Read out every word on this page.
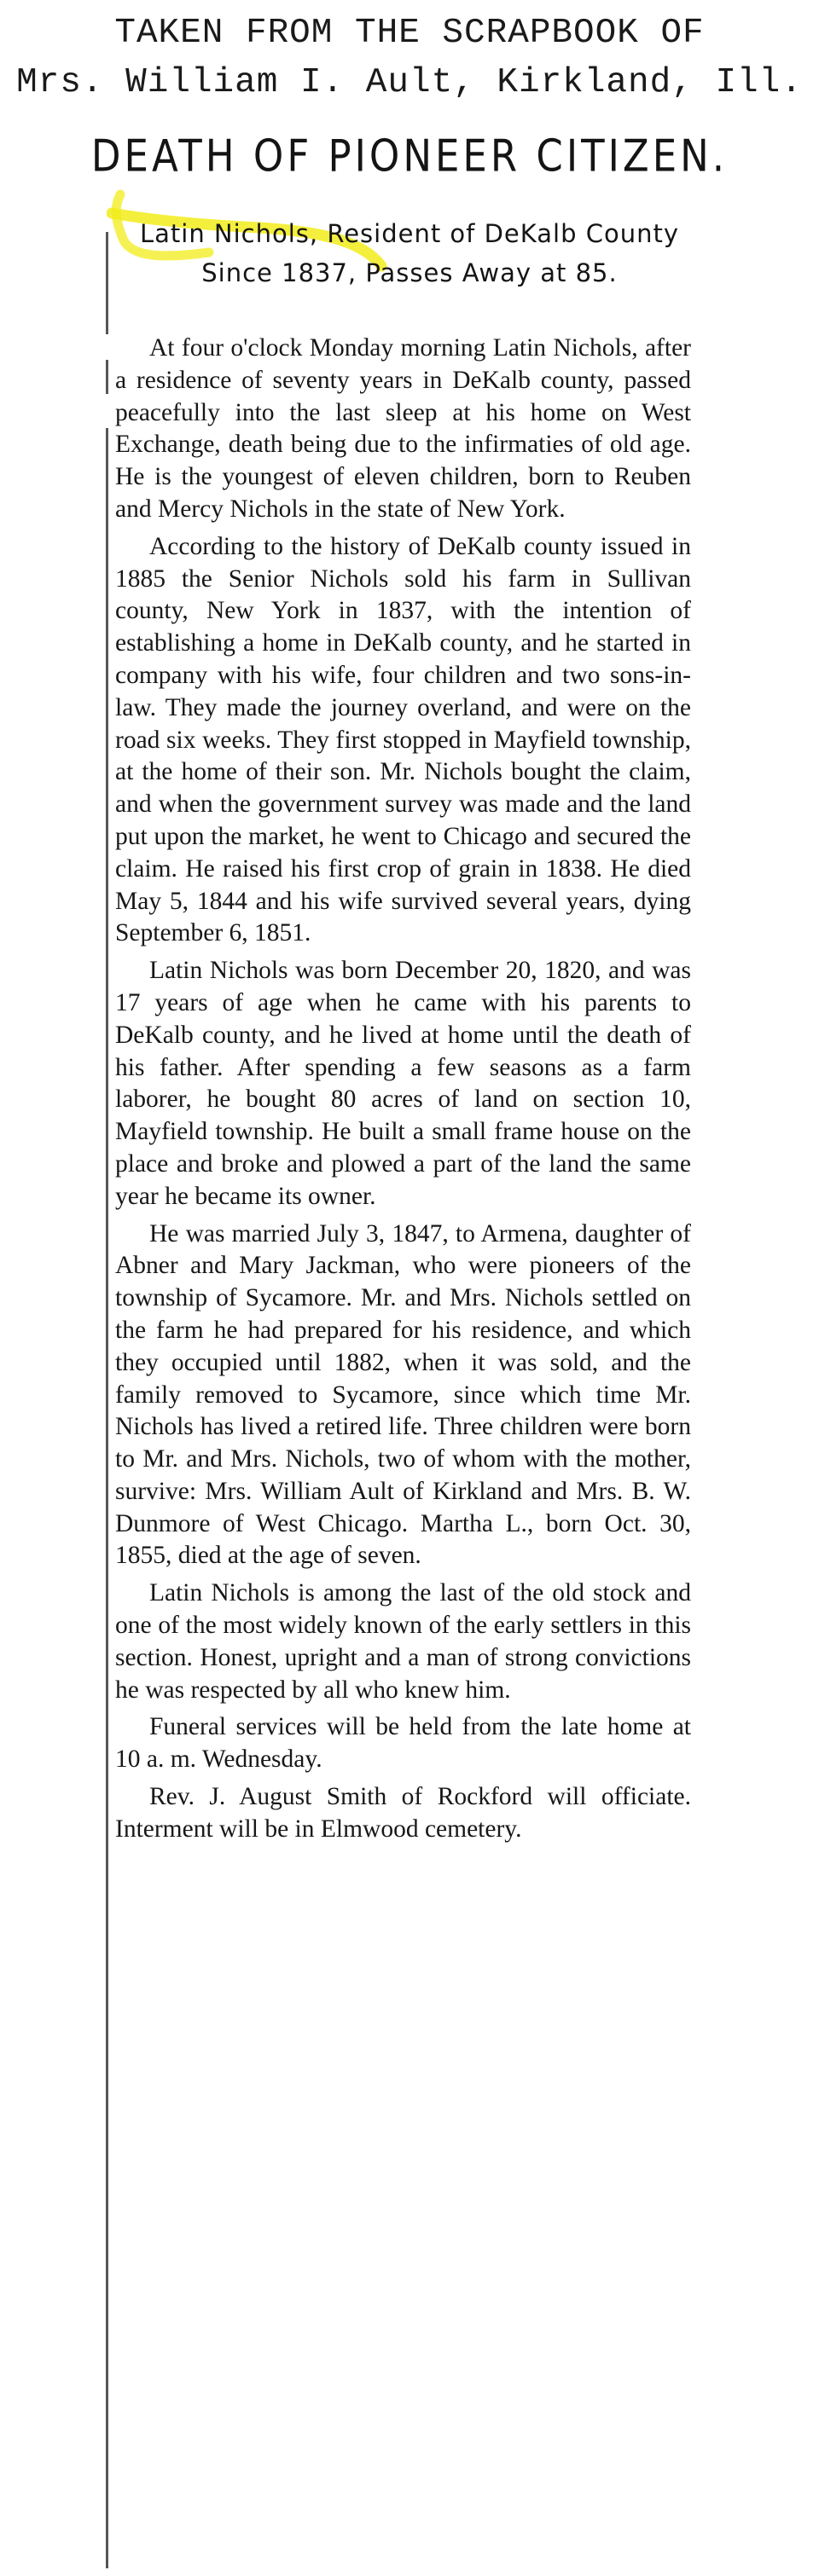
TAKEN FROM THE SCRAPBOOK OF
Mrs. William I. Ault, Kirkland, Ill.
DEATH OF PIONEER CITIZEN.
Latin Nichols, Resident of DeKalb County
Since 1837, Passes Away at 85.

At four o'clock Monday morning Latin Nichols, after a residence of seventy years in DeKalb county, passed peacefully into the last sleep at his home on West Exchange, death being due to the infirmaties of old age. He is the youngest of eleven children, born to Reuben and Mercy Nichols in the state of New York.

According to the history of DeKalb county issued in 1885 the Senior Nichols sold his farm in Sullivan county, New York in 1837, with the intention of establishing a home in DeKalb county, and he started in company with his wife, four children and two sons-in-law. They made the journey overland, and were on the road six weeks. They first stopped in Mayfield township, at the home of their son. Mr. Nichols bought the claim, and when the government survey was made and the land put upon the market, he went to Chicago and secured the claim. He raised his first crop of grain in 1838. He died May 5, 1844 and his wife survived several years, dying September 6, 1851.

Latin Nichols was born December 20, 1820, and was 17 years of age when he came with his parents to DeKalb county, and he lived at home until the death of his father. After spending a few seasons as a farm laborer, he bought 80 acres of land on section 10, Mayfield township. He built a small frame house on the place and broke and plowed a part of the land the same year he became its owner.

He was married July 3, 1847, to Armena, daughter of Abner and Mary Jackman, who were pioneers of the township of Sycamore. Mr. and Mrs. Nichols settled on the farm he had prepared for his residence, and which they occupied until 1882, when it was sold, and the family removed to Sycamore, since which time Mr. Nichols has lived a retired life. Three children were born to Mr. and Mrs. Nichols, two of whom with the mother, survive: Mrs. William Ault of Kirkland and Mrs. B. W. Dunmore of West Chicago. Martha L., born Oct. 30, 1855, died at the age of seven.

Latin Nichols is among the last of the old stock and one of the most widely known of the early settlers in this section. Honest, upright and a man of strong convictions he was respected by all who knew him.

Funeral services will be held from the late home at 10 a. m. Wednesday.

Rev. J. August Smith of Rockford will officiate. Interment will be in Elmwood cemetery.
